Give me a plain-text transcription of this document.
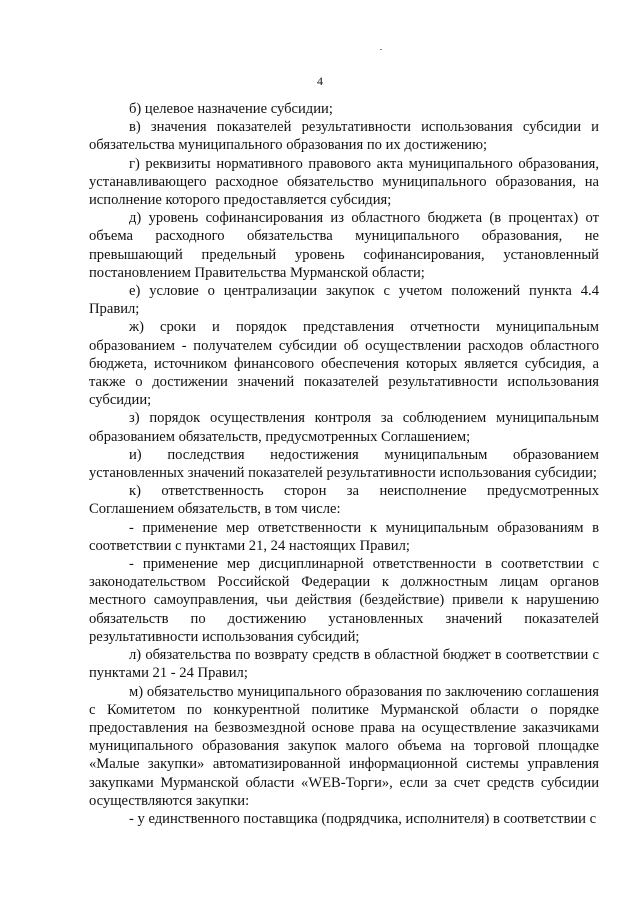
4

б) целевое назначение субсидии;

в) значения показателей результативности использования субсидии и обязательства муниципального образования по их достижению;

г) реквизиты нормативного правового акта муниципального образования, устанавливающего расходное обязательство муниципального образования, на исполнение которого предоставляется субсидия;

д) уровень софинансирования из областного бюджета (в процентах) от объема расходного обязательства муниципального образования, не превышающий предельный уровень софинансирования, установленный постановлением Правительства Мурманской области;

е) условие о централизации закупок с учетом положений пункта 4.4 Правил;

ж) сроки и порядок представления отчетности муниципальным образованием - получателем субсидии об осуществлении расходов областного бюджета, источником финансового обеспечения которых является субсидия, а также о достижении значений показателей результативности использования субсидии;

з) порядок осуществления контроля за соблюдением муниципальным образованием обязательств, предусмотренных Соглашением;

и) последствия недостижения муниципальным образованием установленных значений показателей результативности использования субсидии;

к) ответственность сторон за неисполнение предусмотренных Соглашением обязательств, в том числе:

- применение мер ответственности к муниципальным образованиям в соответствии с пунктами 21, 24 настоящих Правил;

- применение мер дисциплинарной ответственности в соответствии с законодательством Российской Федерации к должностным лицам органов местного самоуправления, чьи действия (бездействие) привели к нарушению обязательств по достижению установленных значений показателей результативности использования субсидий;

л) обязательства по возврату средств в областной бюджет в соответствии с пунктами 21 - 24 Правил;

м) обязательство муниципального образования по заключению соглашения с Комитетом по конкурентной политике Мурманской области о порядке предоставления на безвозмездной основе права на осуществление заказчиками муниципального образования закупок малого объема на торговой площадке «Малые закупки» автоматизированной информационной системы управления закупками Мурманской области «WEB-Торги», если за счет средств субсидии осуществляются закупки:

- у единственного поставщика (подрядчика, исполнителя) в соответствии с
